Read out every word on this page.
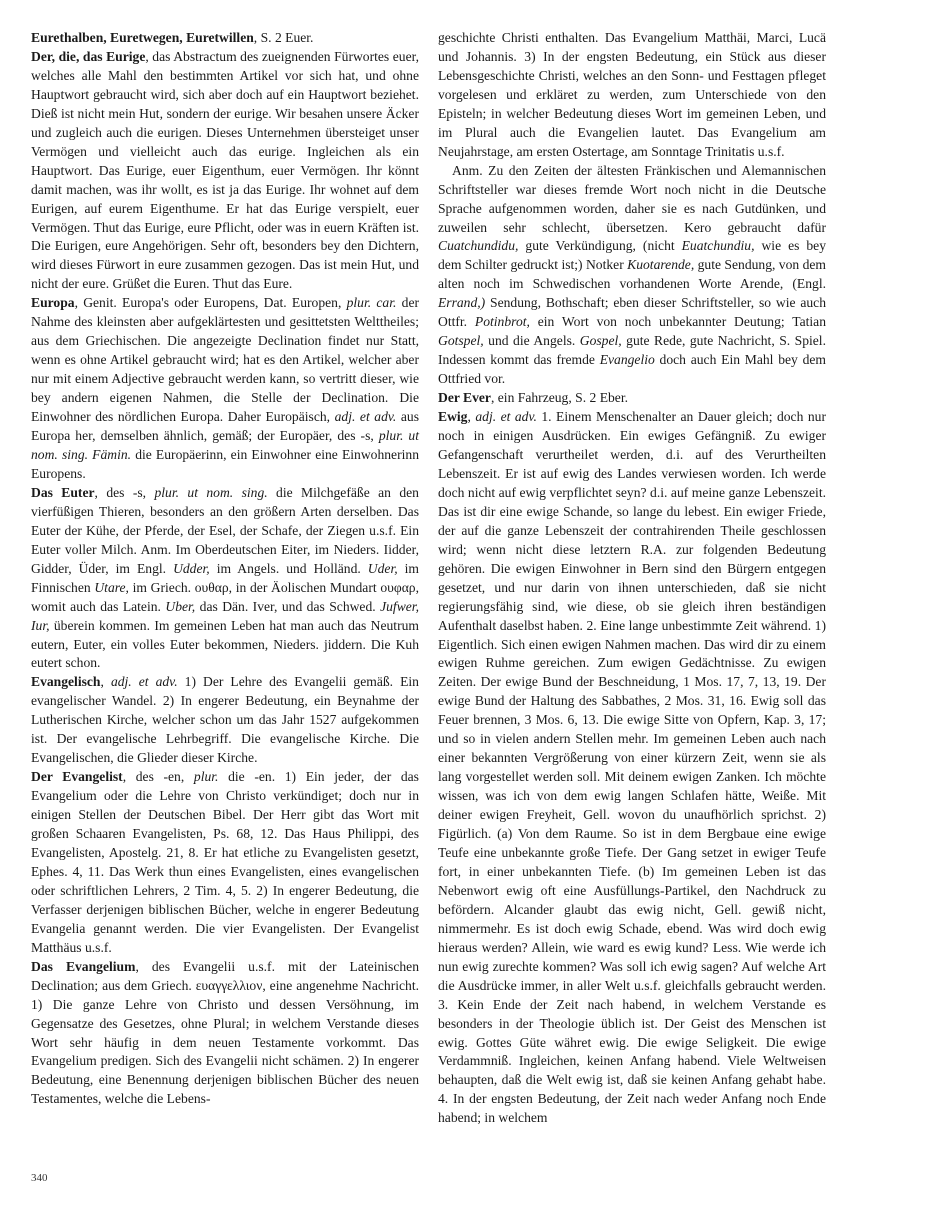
Eurethalben, Euretwegen, Euretwillen, S. 2 Euer.

Der, die, das Eurige, das Abstractum des zueignenden Fürwortes euer, welches alle Mahl den bestimmten Artikel vor sich hat, und ohne Hauptwort gebraucht wird, sich aber doch auf ein Hauptwort beziehet. Dieß ist nicht mein Hut, sondern der eurige. Wir besahen unsere Äcker und zugleich auch die eurigen. Dieses Unternehmen übersteiget unser Vermögen und vielleicht auch das eurige. Ingleichen als ein Hauptwort. Das Eurige, euer Eigenthum, euer Vermögen. Ihr könnt damit machen, was ihr wollt, es ist ja das Eurige. Ihr wohnet auf dem Eurigen, auf eurem Eigenthume. Er hat das Eurige verspielt, euer Vermögen. Thut das Eurige, eure Pflicht, oder was in euern Kräften ist. Die Eurigen, eure Angehörigen. Sehr oft, besonders bey den Dichtern, wird dieses Fürwort in eure zusammen gezogen. Das ist mein Hut, und nicht der eure. Grüßet die Euren. Thut das Eure.

Europa, Genit. Europa's oder Europens, Dat. Europen, plur. car. der Nahme des kleinsten aber aufgeklärtesten und gesittetsten Welttheiles; aus dem Griechischen. Die angezeigte Declination findet nur Statt, wenn es ohne Artikel gebraucht wird; hat es den Artikel, welcher aber nur mit einem Adjective gebraucht werden kann, so vertritt dieser, wie bey andern eigenen Nahmen, die Stelle der Declination. Die Einwohner des nördlichen Europa. Daher Europäisch, adj. et adv. aus Europa her, demselben ähnlich, gemäß; der Europäer, des -s, plur. ut nom. sing. Fämin. die Europäerinn, ein Einwohner eine Einwohnerinn Europens.

Das Euter, des -s, plur. ut nom. sing. die Milchgefäße an den vierfüßigen Thieren, besonders an den größern Arten derselben. Das Euter der Kühe, der Pferde, der Esel, der Schafe, der Ziegen u.s.f. Ein Euter voller Milch. Anm. Im Oberdeutschen Eiter, im Nieders. Iidder, Gidder, Üder, im Engl. Udder, im Angels. und Holländ. Uder, im Finnischen Utare, im Griech. ουθαρ, in der Äolischen Mundart ουφαρ, womit auch das Latein. Uber, das Dän. Iver, und das Schwed. Jufwer, Iur, überein kommen. Im gemeinen Leben hat man auch das Neutrum eutern, Euter, ein volles Euter bekommen, Nieders. jiddern. Die Kuh eutert schon.

Evangelisch, adj. et adv. 1) Der Lehre des Evangelii gemäß. Ein evangelischer Wandel. 2) In engerer Bedeutung, ein Beynahme der Lutherischen Kirche, welcher schon um das Jahr 1527 aufgekommen ist. Der evangelische Lehrbegriff. Die evangelische Kirche. Die Evangelischen, die Glieder dieser Kirche.

Der Evangelist, des -en, plur. die -en. 1) Ein jeder, der das Evangelium oder die Lehre von Christo verkündiget; doch nur in einigen Stellen der Deutschen Bibel. Der Herr gibt das Wort mit großen Schaaren Evangelisten, Ps. 68, 12. Das Haus Philippi, des Evangelisten, Apostelg. 21, 8. Er hat etliche zu Evangelisten gesetzt, Ephes. 4, 11. Das Werk thun eines Evangelisten, eines evangelischen oder schriftlichen Lehrers, 2 Tim. 4, 5. 2) In engerer Bedeutung, die Verfasser derjenigen biblischen Bücher, welche in engerer Bedeutung Evangelia genannt werden. Die vier Evangelisten. Der Evangelist Matthäus u.s.f.

Das Evangelium, des Evangelii u.s.f. mit der Lateinischen Declination; aus dem Griech. ευαγγελλιον, eine angenehme Nachricht. 1) Die ganze Lehre von Christo und dessen Versöhnung, im Gegensatze des Gesetzes, ohne Plural; in welchem Verstande dieses Wort sehr häufig in dem neuen Testamente vorkommt. Das Evangelium predigen. Sich des Evangelii nicht schämen. 2) In engerer Bedeutung, eine Benennung derjenigen biblischen Bücher des neuen Testamentes, welche die Lebens-

geschichte Christi enthalten. Das Evangelium Matthäi, Marci, Lucä und Johannis. 3) In der engsten Bedeutung, ein Stück aus dieser Lebensgeschichte Christi, welches an den Sonn- und Festtagen pfleget vorgelesen und erkläret zu werden, zum Unterschiede von den Episteln; in welcher Bedeutung dieses Wort im gemeinen Leben, und im Plural auch die Evangelien lautet. Das Evangelium am Neujahrstage, am ersten Ostertage, am Sonntage Trinitatis u.s.f.

Anm. Zu den Zeiten der ältesten Fränkischen und Alemannischen Schriftsteller war dieses fremde Wort noch nicht in die Deutsche Sprache aufgenommen worden, daher sie es nach Gutdünken, und zuweilen sehr schlecht, übersetzen. Kero gebraucht dafür Cuatchundidu, gute Verkündigung, (nicht Euatchundiu, wie es bey dem Schilter gedruckt ist;) Notker Kuotarende, gute Sendung, von dem alten noch im Schwedischen vorhandenen Worte Arende, (Engl. Errand,) Sendung, Bothschaft; eben dieser Schriftsteller, so wie auch Ottfr. Potinbrot, ein Wort von noch unbekannter Deutung; Tatian Gotspel, und die Angels. Gospel, gute Rede, gute Nachricht, S. Spiel. Indessen kommt das fremde Evangelio doch auch Ein Mahl bey dem Ottfried vor.

Der Ever, ein Fahrzeug, S. 2 Eber.

Ewig, adj. et adv. 1. Einem Menschenalter an Dauer gleich; doch nur noch in einigen Ausdrücken. Ein ewiges Gefängniß. Zu ewiger Gefangenschaft verurtheilet werden, d.i. auf des Verurtheilten Lebenszeit. Er ist auf ewig des Landes verwiesen worden. Ich werde doch nicht auf ewig verpflichtet seyn? d.i. auf meine ganze Lebenszeit. Das ist dir eine ewige Schande, so lange du lebest. Ein ewiger Friede, der auf die ganze Lebenszeit der contrahirenden Theile geschlossen wird; wenn nicht diese letztern R.A. zur folgenden Bedeutung gehören. Die ewigen Einwohner in Bern sind den Bürgern entgegen gesetzet, und nur darin von ihnen unterschieden, daß sie nicht regierungsfähig sind, wie diese, ob sie gleich ihren beständigen Aufenthalt daselbst haben. 2. Eine lange unbestimmte Zeit während. 1) Eigentlich. Sich einen ewigen Nahmen machen. Das wird dir zu einem ewigen Ruhme gereichen. Zum ewigen Gedächtnisse. Zu ewigen Zeiten. Der ewige Bund der Beschneidung, 1 Mos. 17, 7, 13, 19. Der ewige Bund der Haltung des Sabbathes, 2 Mos. 31, 16. Ewig soll das Feuer brennen, 3 Mos. 6, 13. Die ewige Sitte von Opfern, Kap. 3, 17; und so in vielen andern Stellen mehr. Im gemeinen Leben auch nach einer bekannten Vergrößerung von einer kürzern Zeit, wenn sie als lang vorgestellet werden soll. Mit deinem ewigen Zanken. Ich möchte wissen, was ich von dem ewig langen Schlafen hätte, Weiße. Mit deiner ewigen Freyheit, Gell. wovon du unaufhörlich sprichst. 2) Figürlich. (a) Von dem Raume. So ist in dem Bergbaue eine ewige Teufe eine unbekannte große Tiefe. Der Gang setzet in ewiger Teufe fort, in einer unbekannten Tiefe. (b) Im gemeinen Leben ist das Nebenwort ewig oft eine Ausfüllungs-Partikel, den Nachdruck zu befördern. Alcander glaubt das ewig nicht, Gell. gewiß nicht, nimmermehr. Es ist doch ewig Schade, ebend. Was wird doch ewig hieraus werden? Allein, wie ward es ewig kund? Less. Wie werde ich nun ewig zurechte kommen? Was soll ich ewig sagen? Auf welche Art die Ausdrücke immer, in aller Welt u.s.f. gleichfalls gebraucht werden. 3. Kein Ende der Zeit nach habend, in welchem Verstande es besonders in der Theologie üblich ist. Der Geist des Menschen ist ewig. Gottes Güte währet ewig. Die ewige Seligkeit. Die ewige Verdammniß. Ingleichen, keinen Anfang habend. Viele Weltweisen behaupten, daß die Welt ewig ist, daß sie keinen Anfang gehabt habe. 4. In der engsten Bedeutung, der Zeit nach weder Anfang noch Ende habend; in welchem

340
